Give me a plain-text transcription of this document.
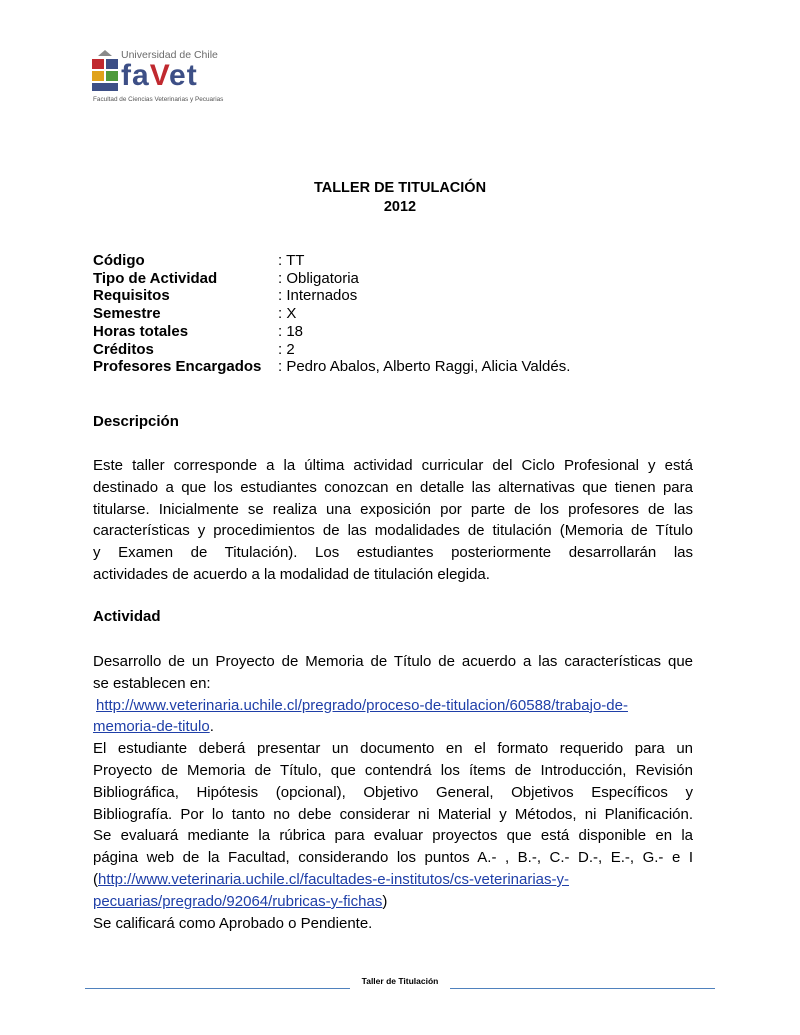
Universidad de Chile
faVet
Facultad de Ciencias Veterinarias y Pecuarias
TALLER DE TITULACIÓN
2012
Código	: TT
Tipo de Actividad	: Obligatoria
Requisitos	: Internados
Semestre	: X
Horas totales	: 18
Créditos	: 2
Profesores Encargados	: Pedro Abalos, Alberto Raggi, Alicia Valdés.
Descripción
Este taller corresponde a la última actividad curricular del Ciclo Profesional y está
destinado a que los estudiantes conozcan en detalle las alternativas que tienen para
titularse. Inicialmente se realiza una exposición por parte de los profesores de las
características y procedimientos de las modalidades de titulación (Memoria de Título
y Examen de Titulación). Los estudiantes posteriormente desarrollarán las
actividades de acuerdo a la modalidad de titulación elegida.
Actividad
Desarrollo de un Proyecto de Memoria de Título de acuerdo a las características que
se establecen en:
http://www.veterinaria.uchile.cl/pregrado/proceso-de-titulacion/60588/trabajo-de-
memoria-de-titulo.
El estudiante deberá presentar un documento en el formato requerido para un
Proyecto de Memoria de Título, que contendrá los ítems de Introducción, Revisión
Bibliográfica, Hipótesis (opcional), Objetivo General, Objetivos Específicos y
Bibliografía. Por lo tanto no debe considerar ni Material y Métodos, ni Planificación.
Se evaluará mediante la rúbrica para evaluar proyectos que está disponible en la
página web de la Facultad, considerando los puntos A.- , B.-, C.- D.-, E.-, G.- e I
(http://www.veterinaria.uchile.cl/facultades-e-institutos/cs-veterinarias-y-
pecuarias/pregrado/92064/rubricas-y-fichas)
Se calificará como Aprobado o Pendiente.
Taller de Titulación
